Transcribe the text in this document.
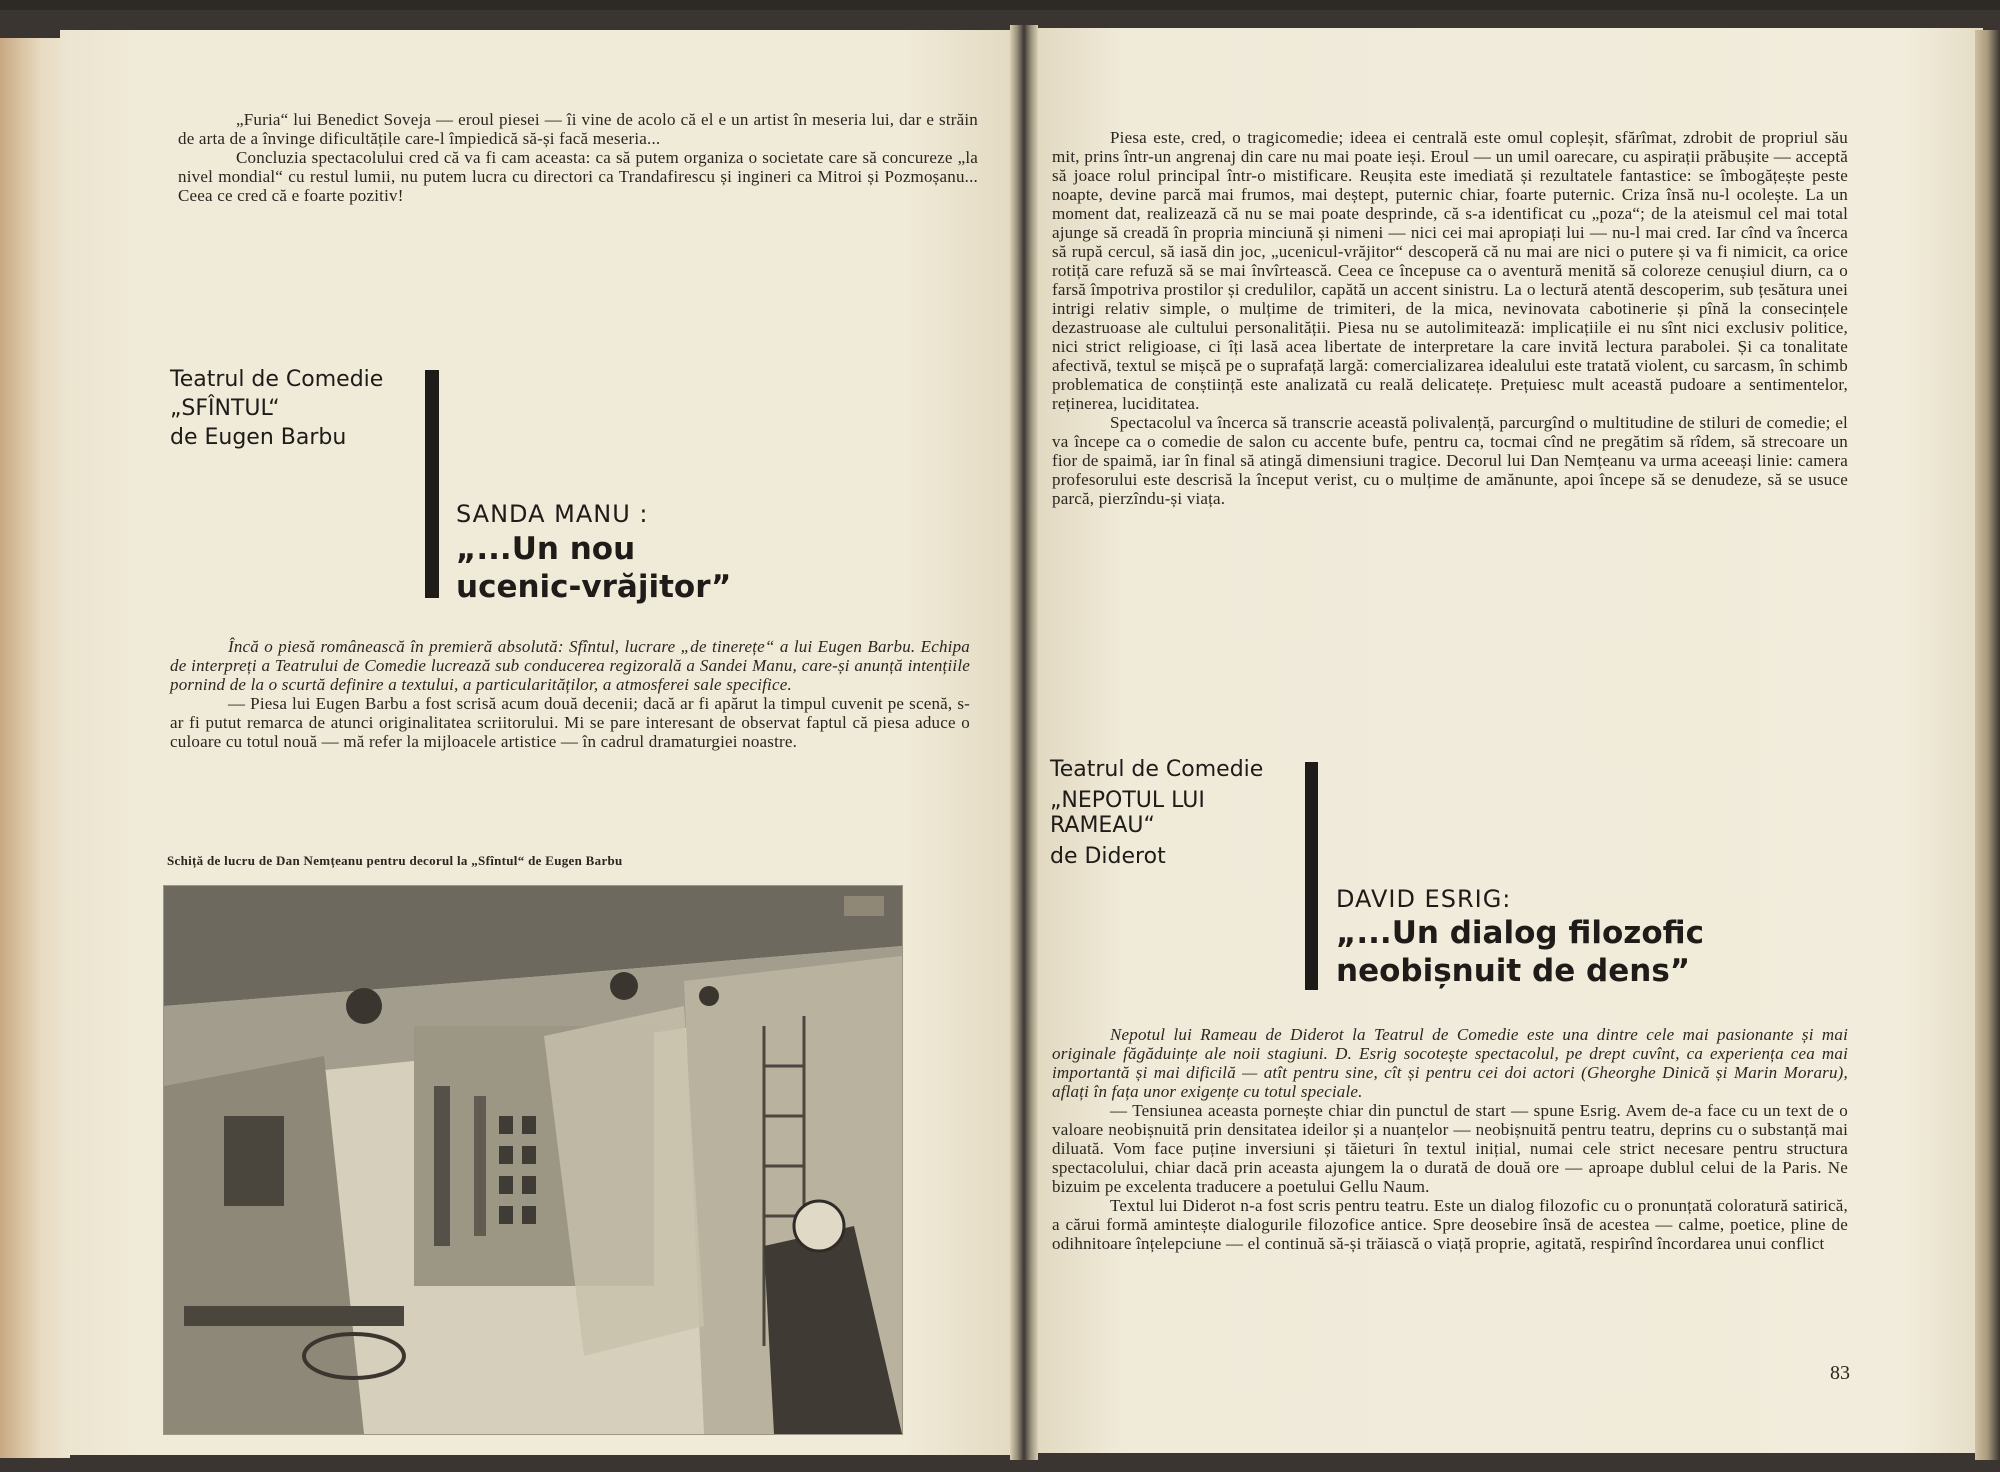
„Furia“ lui Benedict Soveja — eroul piesei — îi vine de acolo că el e un artist în meseria lui, dar e străin de arta de a învinge dificultățile care-l împiedică să-și facă meseria...

Concluzia spectacolului cred că va fi cam aceasta: ca să putem organiza o societate care să concureze „la nivel mondial“ cu restul lumii, nu putem lucra cu directori ca Trandafirescu și ingineri ca Mitroi și Pozmoșanu... Ceea ce cred că e foarte pozitiv!

Teatrul de Comedie
„SFÎNTUL“
de Eugen Barbu
SANDA MANU :
„...Un nou
ucenic-vrăjitor”

Încă o piesă românească în premieră absolută: Sfîntul, lucrare „de tinerețe“ a lui Eugen Barbu. Echipa de interpreți a Teatrului de Comedie lucrează sub conducerea regizorală a Sandei Manu, care-și anunță intențiile pornind de la o scurtă definire a textului, a particularităților, a atmosferei sale specifice.

— Piesa lui Eugen Barbu a fost scrisă acum două decenii; dacă ar fi apărut la timpul cuvenit pe scenă, s-ar fi putut remarca de atunci originalitatea scriitorului. Mi se pare interesant de observat faptul că piesa aduce o culoare cu totul nouă — mă refer la mijloacele artistice — în cadrul dramaturgiei noastre.

Schiță de lucru de Dan Nemțeanu pentru decorul la „Sfîntul“ de Eugen Barbu

Piesa este, cred, o tragicomedie; ideea ei centrală este omul copleșit, sfărîmat, zdrobit de propriul său mit, prins într-un angrenaj din care nu mai poate ieși. Eroul — un umil oarecare, cu aspirații prăbușite — acceptă să joace rolul principal într-o mistificare. Reușita este imediată și rezultatele fantastice: se îmbogățește peste noapte, devine parcă mai frumos, mai deștept, puternic chiar, foarte puternic. Criza însă nu-l ocolește. La un moment dat, realizează că nu se mai poate desprinde, că s-a identificat cu „poza“; de la ateismul cel mai total ajunge să creadă în propria minciună și nimeni — nici cei mai apropiați lui — nu-l mai cred. Iar cînd va încerca să rupă cercul, să iasă din joc, „ucenicul-vrăjitor“ descoperă că nu mai are nici o putere și va fi nimicit, ca orice rotiță care refuză să se mai învîrtească. Ceea ce începuse ca o aventură menită să coloreze cenușiul diurn, ca o farsă împotriva prostilor și credulilor, capătă un accent sinistru. La o lectură atentă descoperim, sub țesătura unei intrigi relativ simple, o mulțime de trimiteri, de la mica, nevinovata cabotinerie și pînă la consecințele dezastruoase ale cultului personalității. Piesa nu se autolimitează: implicațiile ei nu sînt nici exclusiv politice, nici strict religioase, ci îți lasă acea libertate de interpretare la care invită lectura parabolei. Și ca tonalitate afectivă, textul se mișcă pe o suprafață largă: comercializarea idealului este tratată violent, cu sarcasm, în schimb problematica de conștiință este analizată cu reală delicatețe. Prețuiesc mult această pudoare a sentimentelor, reținerea, luciditatea.

Spectacolul va încerca să transcrie această polivalență, parcurgînd o multitudine de stiluri de comedie; el va începe ca o comedie de salon cu accente bufe, pentru ca, tocmai cînd ne pregătim să rîdem, să strecoare un fior de spaimă, iar în final să atingă dimensiuni tragice. Decorul lui Dan Nemțeanu va urma aceeași linie: camera profesorului este descrisă la început verist, cu o mulțime de amănunte, apoi începe să se denudeze, să se usuce parcă, pierzîndu-și viața.

Teatrul de Comedie
„NEPOTUL LUI
RAMEAU“
de Diderot
DAVID ESRIG:
„...Un dialog filozofic
neobișnuit de dens”

Nepotul lui Rameau de Diderot la Teatrul de Comedie este una dintre cele mai pasionante și mai originale făgăduințe ale noii stagiuni. D. Esrig socotește spectacolul, pe drept cuvînt, ca experiența cea mai importantă și mai dificilă — atît pentru sine, cît și pentru cei doi actori (Gheorghe Dinică și Marin Moraru), aflați în fața unor exigențe cu totul speciale.

— Tensiunea aceasta pornește chiar din punctul de start — spune Esrig. Avem de-a face cu un text de o valoare neobișnuită prin densitatea ideilor și a nuanțelor — neobișnuită pentru teatru, deprins cu o substanță mai diluată. Vom face puține inversiuni și tăieturi în textul inițial, numai cele strict necesare pentru structura spectacolului, chiar dacă prin aceasta ajungem la o durată de două ore — aproape dublul celui de la Paris. Ne bizuim pe excelenta traducere a poetului Gellu Naum.

Textul lui Diderot n-a fost scris pentru teatru. Este un dialog filozofic cu o pronunțată coloratură satirică, a cărui formă amintește dialogurile filozofice antice. Spre deosebire însă de acestea — calme, poetice, pline de odihnitoare înțelepciune — el continuă să-și trăiască o viață proprie, agitată, respirînd încordarea unui conflict

83
